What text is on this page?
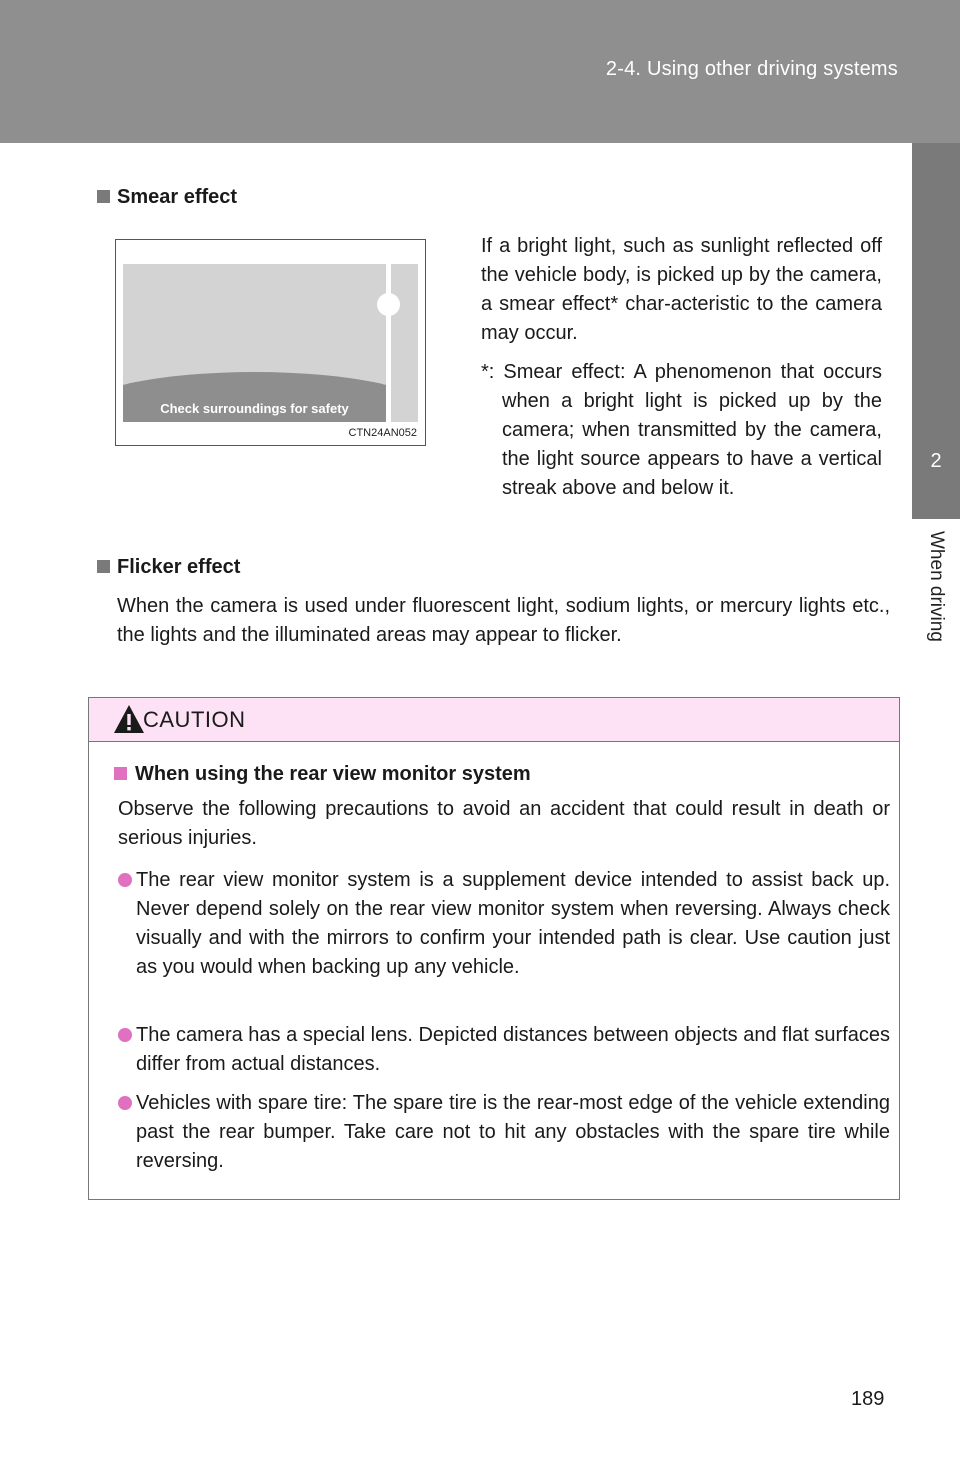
2-4. Using other driving systems
2
When driving
Smear effect
Check surroundings for safety
CTN24AN052

If a bright light, such as sunlight reflected off the vehicle body, is picked up by the camera, a smear effect* char-acteristic to the camera may occur.

*: Smear effect: A phenomenon that occurs when a bright light is picked up by the camera; when transmitted by the camera, the light source appears to have a vertical streak above and below it.

Flicker effect

When the camera is used under fluorescent light, sodium lights, or mercury lights etc., the lights and the illuminated areas may appear to flicker.

CAUTION
When using the rear view monitor system

Observe the following precautions to avoid an accident that could result in death or serious injuries.

The rear view monitor system is a supplement device intended to assist back up. Never depend solely on the rear view monitor system when reversing. Always check visually and with the mirrors to confirm your intended path is clear. Use caution just as you would when backing up any vehicle.
The camera has a special lens. Depicted distances between objects and flat surfaces differ from actual distances.
Vehicles with spare tire: The spare tire is the rear-most edge of the vehicle extending past the rear bumper. Take care not to hit any obstacles with the spare tire while reversing.
189
